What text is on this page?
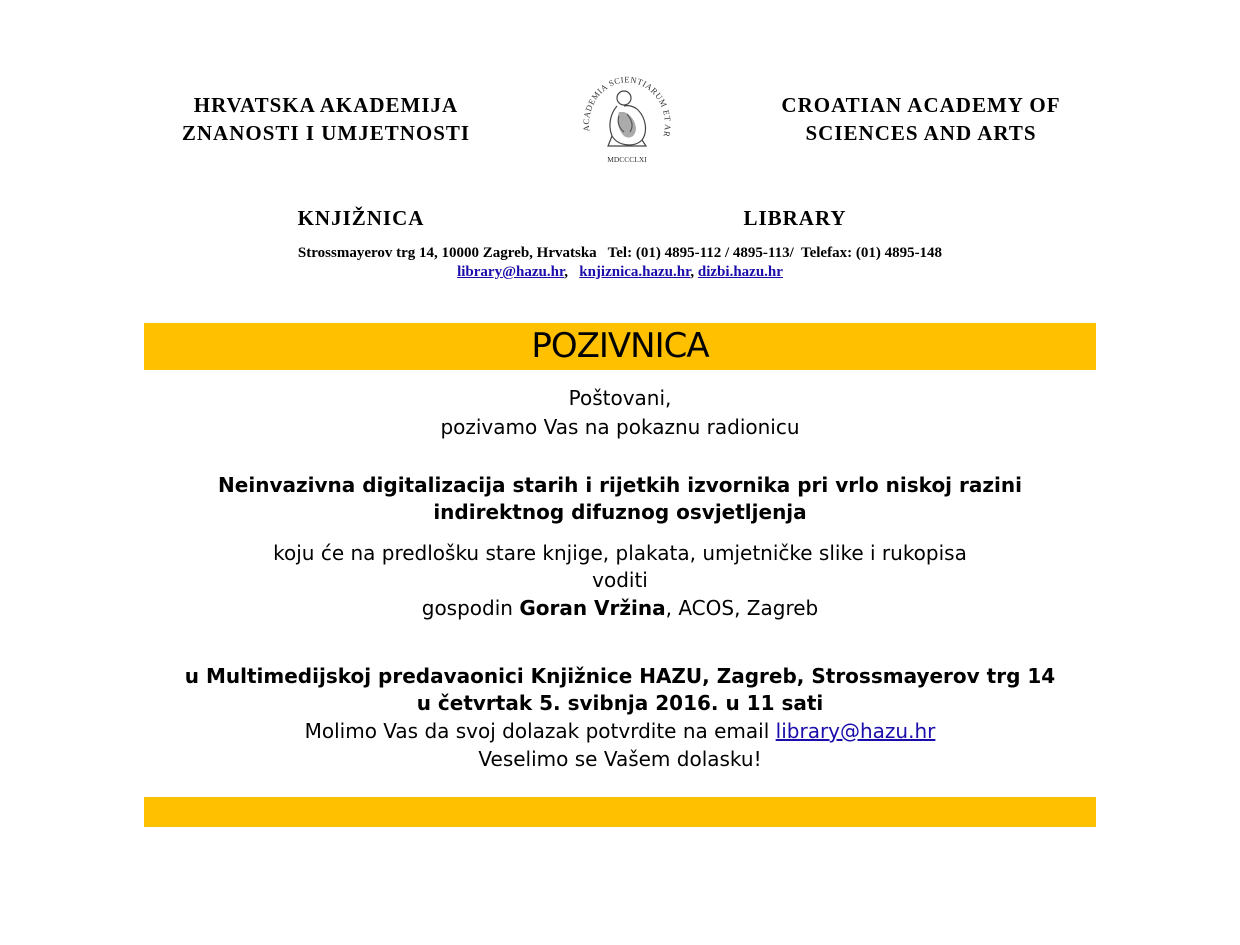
HRVATSKA AKADEMIJA
ZNANOSTI I UMJETNOSTI	ACADEMIA SCIENTIARUM ET AR
MDCCCLXI
CROATIAN ACADEMY OF
SCIENCES AND ARTS
KNJIŽNICA	LIBRARY
Strossmayerov trg 14, 10000 Zagreb, Hrvatska   Tel: (01) 4895-112 / 4895-113/  Telefax: (01) 4895-148
library@hazu.hr,   knjiznica.hazu.hr, dizbi.hazu.hr
POZIVNICA
Poštovani,
pozivamo Vas na pokaznu radionicu
Neinvazivna digitalizacija starih i rijetkih izvornika pri vrlo niskoj razini
indirektnog difuznog osvjetljenja
koju će na predlošku stare knjige, plakata, umjetničke slike i rukopisa
voditi
gospodin Goran Vržina, ACOS, Zagreb
u Multimedijskoj predavaonici Knjižnice HAZU, Zagreb, Strossmayerov trg 14
u četvrtak 5. svibnja 2016. u 11 sati
Molimo Vas da svoj dolazak potvrdite na email library@hazu.hr
Veselimo se Vašem dolasku!
